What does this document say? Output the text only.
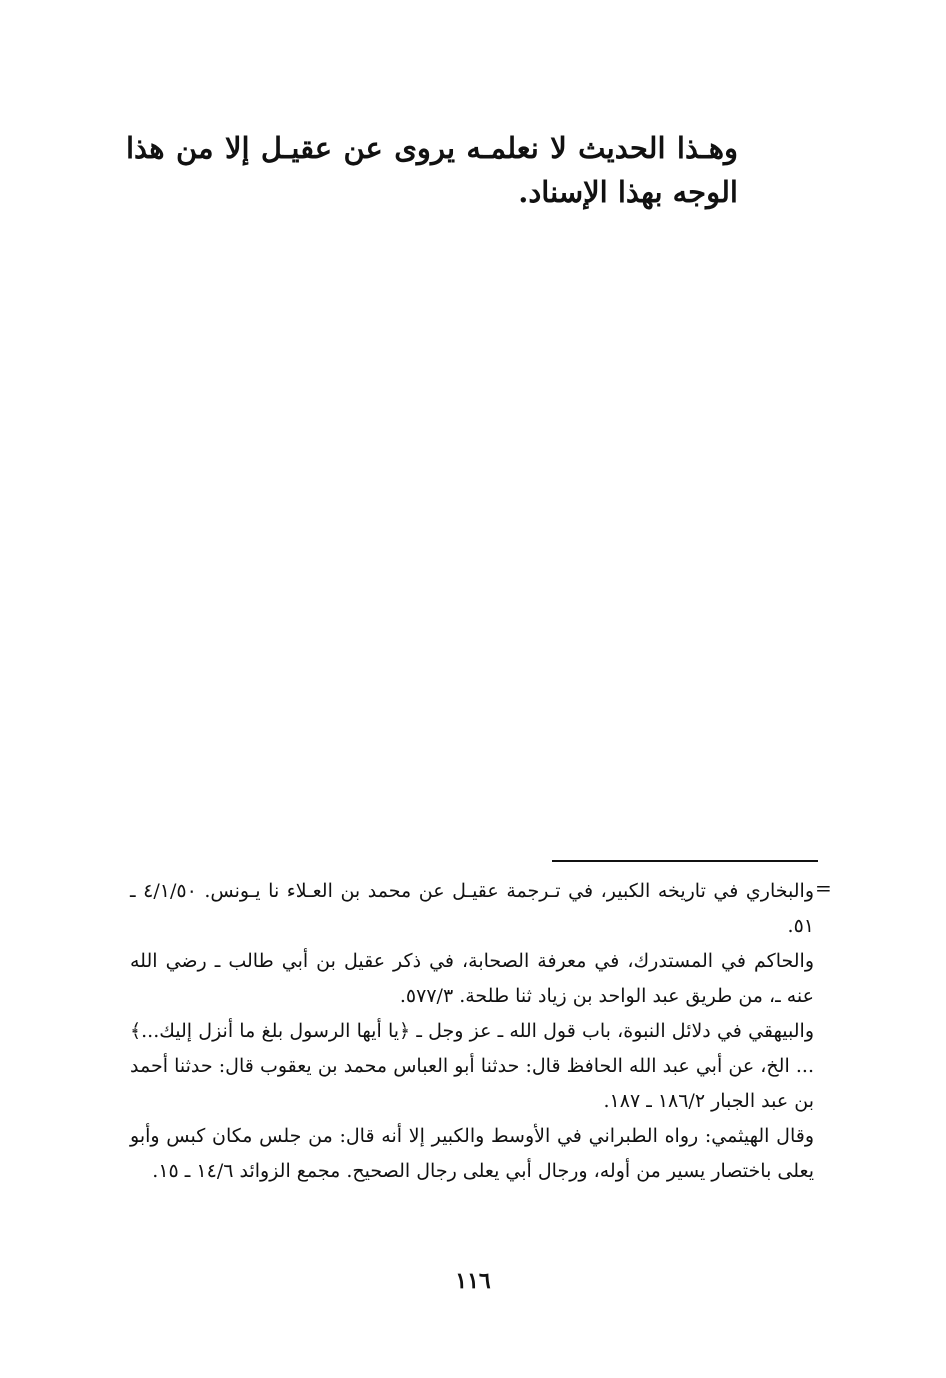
وهـذا الحديث لا نعلمـه يروى عن عقيـل إلا من هذا الوجه بهذا الإسناد.
=

والبخاري في تاريخه الكبير، في تـرجمة عقيـل عن محمد بن العـلاء نا يـونس. ٤/١/٥٠ ـ ٥١.

والحاكم في المستدرك، في معرفة الصحابة، في ذكر عقيل بن أبي طالب ـ رضي الله عنه ـ، من طريق عبد الواحد بن زياد ثنا طلحة. ٥٧٧/٣.

والبيهقي في دلائل النبوة، باب قول الله ـ عز وجل ـ ﴿يا أيها الرسول بلغ ما أنزل إليك...﴾ ... الخ، عن أبي عبد الله الحافظ قال: حدثنا أبو العباس محمد بن يعقوب قال: حدثنا أحمد بن عبد الجبار ١٨٦/٢ ـ ١٨٧.

وقال الهيثمي: رواه الطبراني في الأوسط والكبير إلا أنه قال: من جلس مكان كبس وأبو يعلى باختصار يسير من أوله، ورجال أبي يعلى رجال الصحيح. مجمع الزوائد ١٤/٦ ـ ١٥.

١١٦
